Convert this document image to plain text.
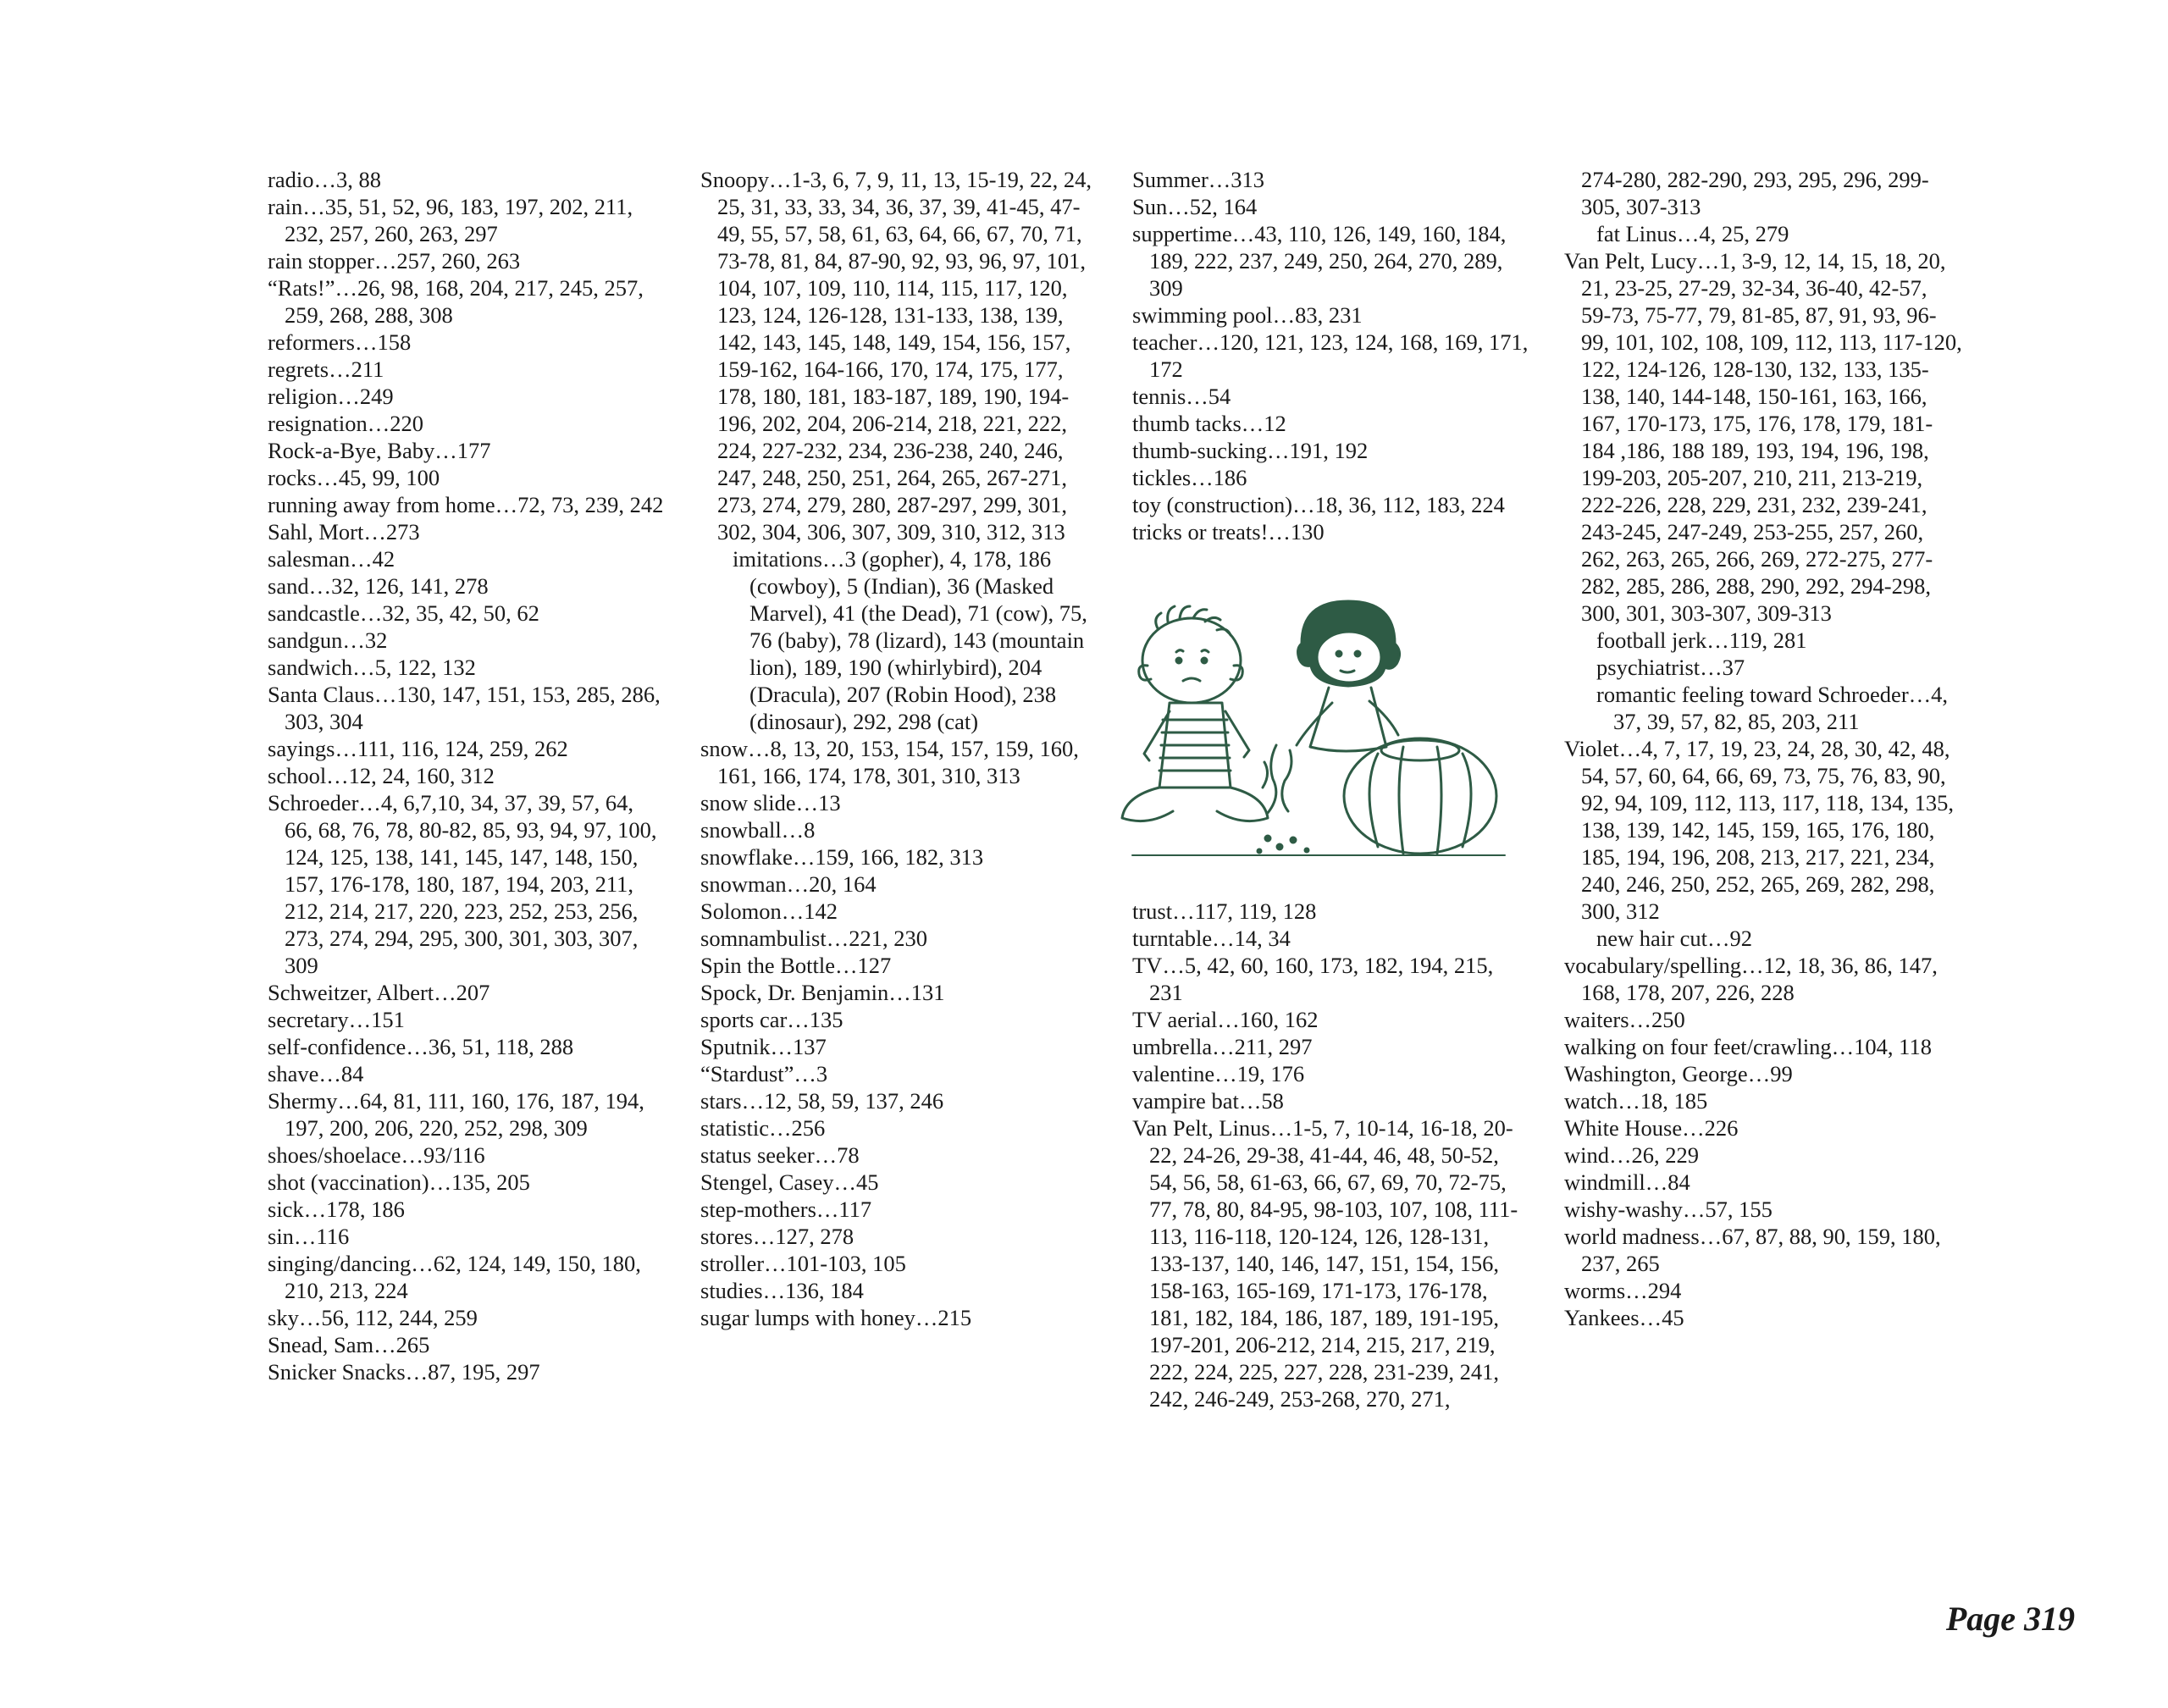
radio…3, 88
rain…35, 51, 52, 96, 183, 197, 202, 211, 232, 257, 260, 263, 297
rain stopper…257, 260, 263
“Rats!”…26, 98, 168, 204, 217, 245, 257, 259, 268, 288, 308
reformers…158
regrets…211
religion…249
resignation…220
Rock-a-Bye, Baby…177
rocks…45, 99, 100
running away from home…72, 73, 239, 242
Sahl, Mort…273
salesman…42
sand…32, 126, 141, 278
sandcastle…32, 35, 42, 50, 62
sandgun…32
sandwich…5, 122, 132
Santa Claus…130, 147, 151, 153, 285, 286, 303, 304
sayings…111, 116, 124, 259, 262
school…12, 24, 160, 312
Schroeder…4, 6,7,10, 34, 37, 39, 57, 64, 66, 68, 76, 78, 80-82, 85, 93, 94, 97, 100, 124, 125, 138, 141, 145, 147, 148, 150, 157, 176-178, 180, 187, 194, 203, 211, 212, 214, 217, 220, 223, 252, 253, 256, 273, 274, 294, 295, 300, 301, 303, 307, 309
Schweitzer, Albert…207
secretary…151
self-confidence…36, 51, 118, 288
shave…84
Shermy…64, 81, 111, 160, 176, 187, 194, 197, 200, 206, 220, 252, 298, 309
shoes/shoelace…93/116
shot (vaccination)…135, 205
sick…178, 186
sin…116
singing/dancing…62, 124, 149, 150, 180, 210, 213, 224
sky…56, 112, 244, 259
Snead, Sam…265
Snicker Snacks…87, 195, 297
Snoopy…1-3, 6, 7, 9, 11, 13, 15-19, 22, 24, 25, 31, 33, 33, 34, 36, 37, 39, 41-45, 47-49, 55, 57, 58, 61, 63, 64, 66, 67, 70, 71, 73-78, 81, 84, 87-90, 92, 93, 96, 97, 101, 104, 107, 109, 110, 114, 115, 117, 120, 123, 124, 126-128, 131-133, 138, 139, 142, 143, 145, 148, 149, 154, 156, 157, 159-162, 164-166, 170, 174, 175, 177, 178, 180, 181, 183-187, 189, 190, 194-196, 202, 204, 206-214, 218, 221, 222, 224, 227-232, 234, 236-238, 240, 246, 247, 248, 250, 251, 264, 265, 267-271, 273, 274, 279, 280, 287-297, 299, 301, 302, 304, 306, 307, 309, 310, 312, 313
imitations…3 (gopher), 4, 178, 186 (cowboy), 5 (Indian), 36 (Masked Marvel), 41 (the Dead), 71 (cow), 75, 76 (baby), 78 (lizard), 143 (mountain lion), 189, 190 (whirlybird), 204 (Dracula), 207 (Robin Hood), 238 (dinosaur), 292, 298 (cat)
snow…8, 13, 20, 153, 154, 157, 159, 160, 161, 166, 174, 178, 301, 310, 313
snow slide…13
snowball…8
snowflake…159, 166, 182, 313
snowman…20, 164
Solomon…142
somnambulist…221, 230
Spin the Bottle…127
Spock, Dr. Benjamin…131
sports car…135
Sputnik…137
“Stardust”…3
stars…12, 58, 59, 137, 246
statistic…256
status seeker…78
Stengel, Casey…45
step-mothers…117
stores…127, 278
stroller…101-103, 105
studies…136, 184
sugar lumps with honey…215
Summer…313
Sun…52, 164
suppertime…43, 110, 126, 149, 160, 184, 189, 222, 237, 249, 250, 264, 270, 289, 309
swimming pool…83, 231
teacher…120, 121, 123, 124, 168, 169, 171, 172
tennis…54
thumb tacks…12
thumb-sucking…191, 192
tickles…186
toy (construction)…18, 36, 112, 183, 224
tricks or treats!…130
trust…117, 119, 128
turntable…14, 34
TV…5, 42, 60, 160, 173, 182, 194, 215, 231
TV aerial…160, 162
umbrella…211, 297
valentine…19, 176
vampire bat…58
Van Pelt, Linus…1-5, 7, 10-14, 16-18, 20-22, 24-26, 29-38, 41-44, 46, 48, 50-52, 54, 56, 58, 61-63, 66, 67, 69, 70, 72-75, 77, 78, 80, 84-95, 98-103, 107, 108, 111-113, 116-118, 120-124, 126, 128-131, 133-137, 140, 146, 147, 151, 154, 156, 158-163, 165-169, 171-173, 176-178, 181, 182, 184, 186, 187, 189, 191-195, 197-201, 206-212, 214, 215, 217, 219, 222, 224, 225, 227, 228, 231-239, 241, 242, 246-249, 253-268, 270, 271,
274-280, 282-290, 293, 295, 296, 299-305, 307-313
fat Linus…4, 25, 279
Van Pelt, Lucy…1, 3-9, 12, 14, 15, 18, 20, 21, 23-25, 27-29, 32-34, 36-40, 42-57, 59-73, 75-77, 79, 81-85, 87, 91, 93, 96-99, 101, 102, 108, 109, 112, 113, 117-120, 122, 124-126, 128-130, 132, 133, 135-138, 140, 144-148, 150-161, 163, 166, 167, 170-173, 175, 176, 178, 179, 181-184 ,186, 188 189, 193, 194, 196, 198, 199-203, 205-207, 210, 211, 213-219, 222-226, 228, 229, 231, 232, 239-241, 243-245, 247-249, 253-255, 257, 260, 262, 263, 265, 266, 269, 272-275, 277-282, 285, 286, 288, 290, 292, 294-298, 300, 301, 303-307, 309-313
football jerk…119, 281
psychiatrist…37
romantic feeling toward Schroeder…4, 37, 39, 57, 82, 85, 203, 211
Violet…4, 7, 17, 19, 23, 24, 28, 30, 42, 48, 54, 57, 60, 64, 66, 69, 73, 75, 76, 83, 90, 92, 94, 109, 112, 113, 117, 118, 134, 135, 138, 139, 142, 145, 159, 165, 176, 180, 185, 194, 196, 208, 213, 217, 221, 234, 240, 246, 250, 252, 265, 269, 282, 298, 300, 312
new hair cut…92
vocabulary/spelling…12, 18, 36, 86, 147, 168, 178, 207, 226, 228
waiters…250
walking on four feet/crawling…104, 118
Washington, George…99
watch…18, 185
White House…226
wind…26, 229
windmill…84
wishy-washy…57, 155
world madness…67, 87, 88, 90, 159, 180, 237, 265
worms…294
Yankees…45
Page 319
